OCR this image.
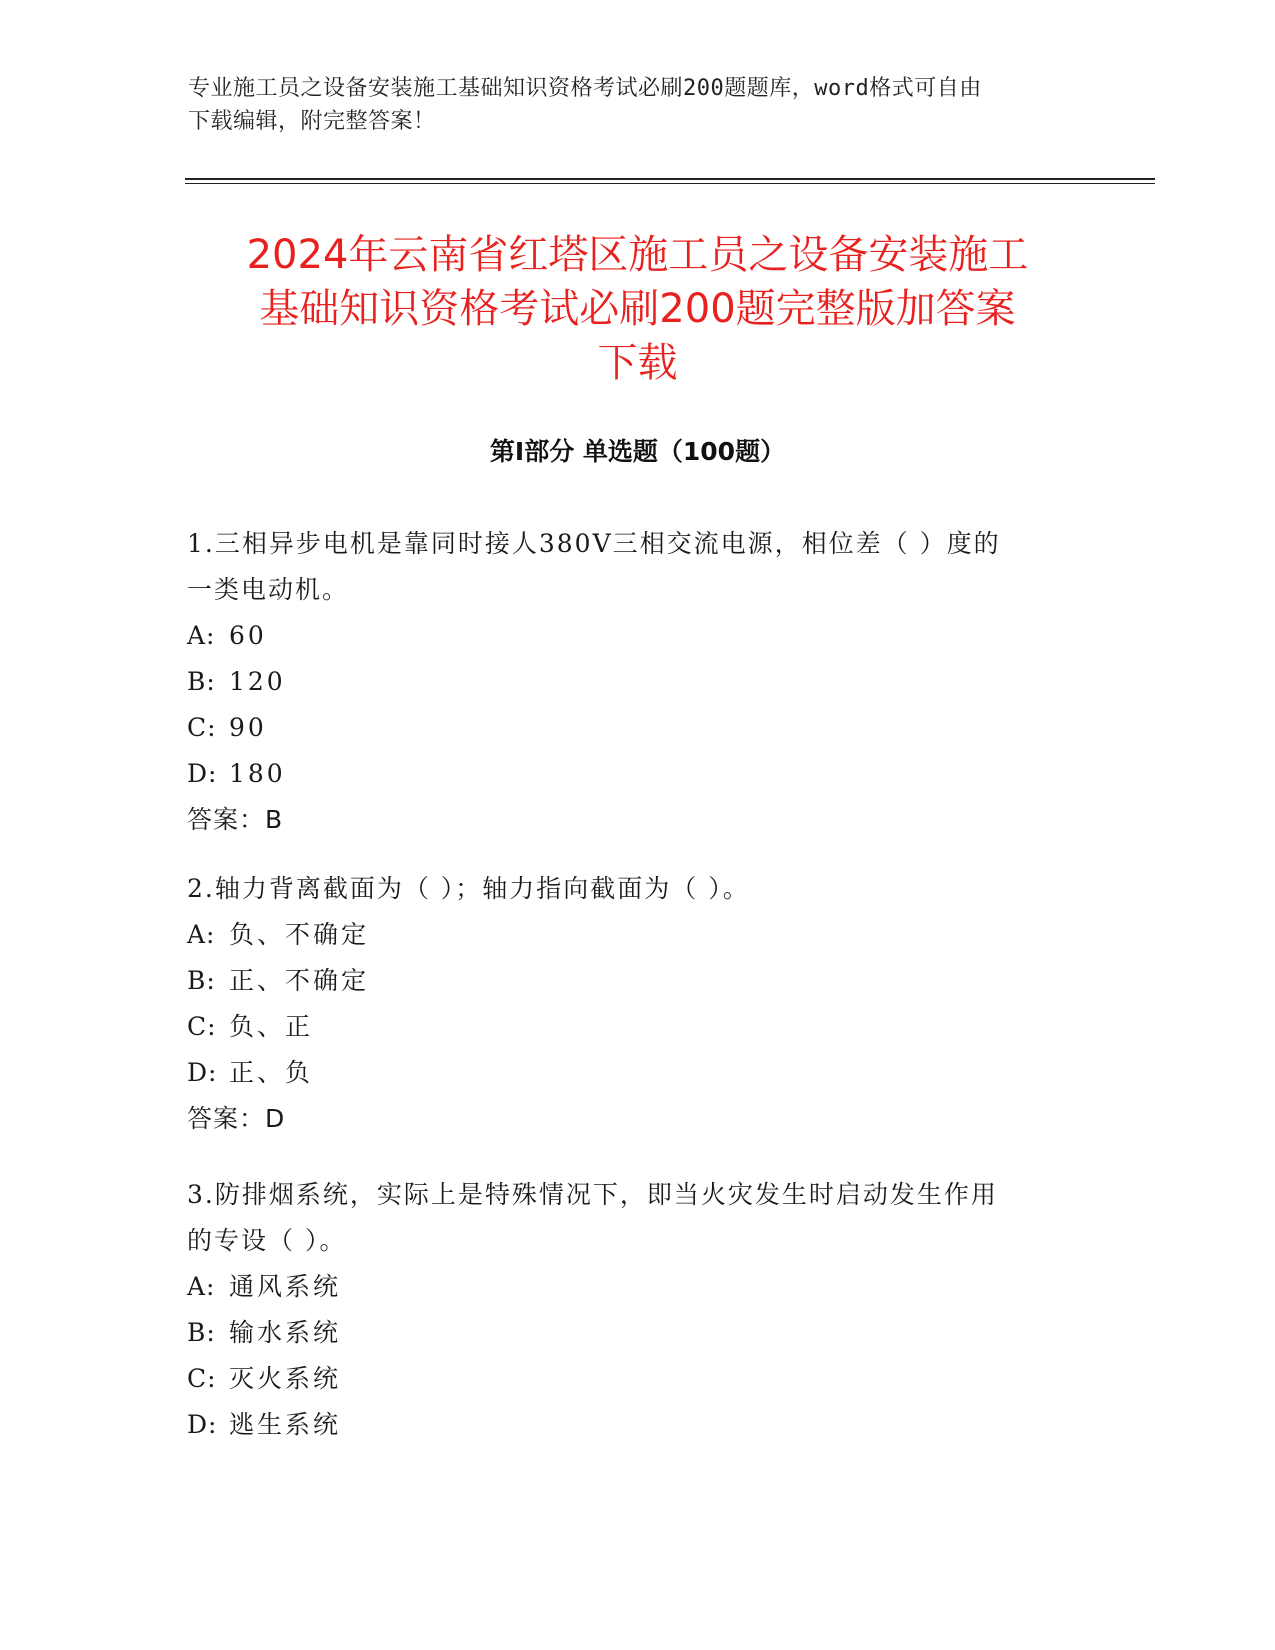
专业施工员之设备安装施工基础知识资格考试必刷200题题库，word格式可自由
下载编辑，附完整答案！
2024年云南省红塔区施工员之设备安装施工
基础知识资格考试必刷200题完整版加答案
下载
第I部分 单选题（100题）
1.三相异步电机是靠同时接人380V三相交流电源，相位差（ ）度的
一类电动机。
A: 60
B: 120
C: 90
D: 180
答案：B
2.轴力背离截面为（ ）；轴力指向截面为（ ）。
A: 负、不确定
B: 正、不确定
C: 负、正
D: 正、负
答案：D
3.防排烟系统，实际上是特殊情况下，即当火灾发生时启动发生作用
的专设（ ）。
A: 通风系统
B: 输水系统
C: 灭火系统
D: 逃生系统
